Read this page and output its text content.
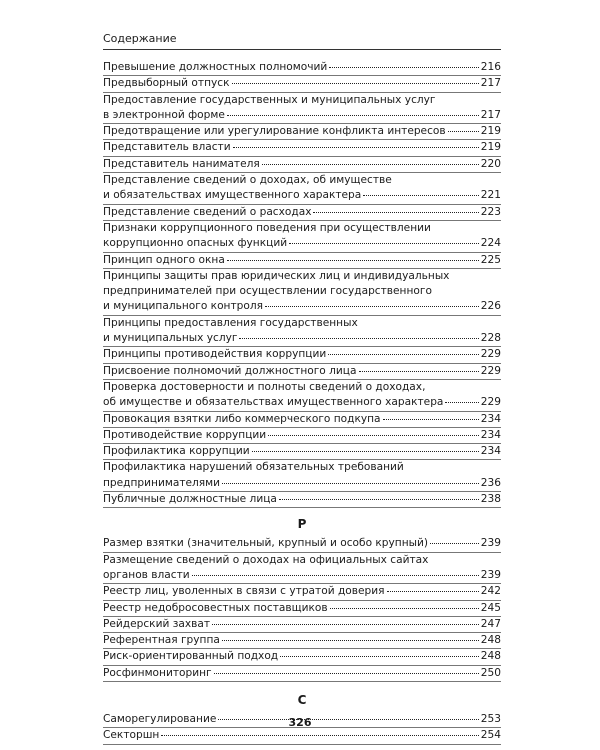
Содержание
Превышение должностных полномочий	216
Предвыборный отпуск	217
Предоставление государственных и муниципальных услуг
в электронной форме	217
Предотвращение или урегулирование конфликта интересов	219
Представитель власти	219
Представитель нанимателя	220
Представление сведений о доходах, об имуществе
и обязательствах имущественного характера	221
Представление сведений о расходах	223
Признаки коррупционного поведения при осуществлении
коррупционно опасных функций	224
Принцип одного окна	225
Принципы защиты прав юридических лиц и индивидуальных
предпринимателей при осуществлении государственного
и муниципального контроля	226
Принципы предоставления государственных
и муниципальных услуг	228
Принципы противодействия коррупции	229
Присвоение полномочий должностного лица	229
Проверка достоверности и полноты сведений о доходах,
об имуществе и обязательствах имущественного характера	229
Провокация взятки либо коммерческого подкупа	234
Противодействие коррупции	234
Профилактика коррупции	234
Профилактика нарушений обязательных требований
предпринимателями	236
Публичные должностные лица	238
Р
Размер взятки (значительный, крупный и особо крупный)	239
Размещение сведений о доходах на официальных сайтах
органов власти	239
Реестр лиц, уволенных в связи с утратой доверия	242
Реестр недобросовестных поставщиков	245
Рейдерский захват	247
Референтная группа	248
Риск-ориентированный подход	248
Росфинмониторинг	250
С
Саморегулирование	253
Секторшн	254
326
